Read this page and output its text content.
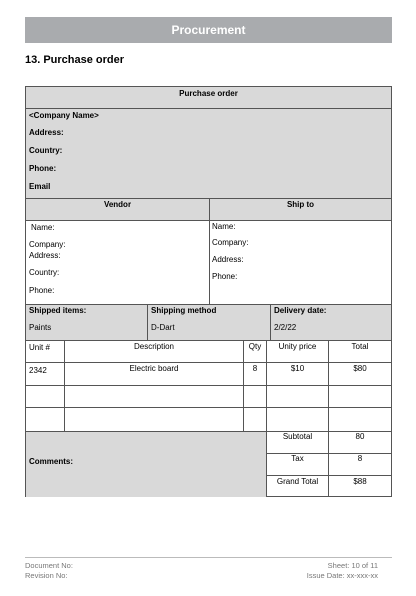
Procurement
13. Purchase order
Purchase order
<Company Name>
Address:
Country:
Phone:
Email
Vendor	Ship to
Name:
Company:
Address:
Country:
Phone:
Name:
Company:
Address:
Phone:
Shipped items:
Paints
Shipping method
D-Dart
Delivery date:
2/2/22
Unit #	Description	Qty	Unity price	Total
2342	Electric board	8	$10	$80
Comments:
Subtotal	80
Tax	8
Grand Total	$88
Document No:
Revision No:
Sheet: 10 of 11
Issue Date: xx-xxx-xx
